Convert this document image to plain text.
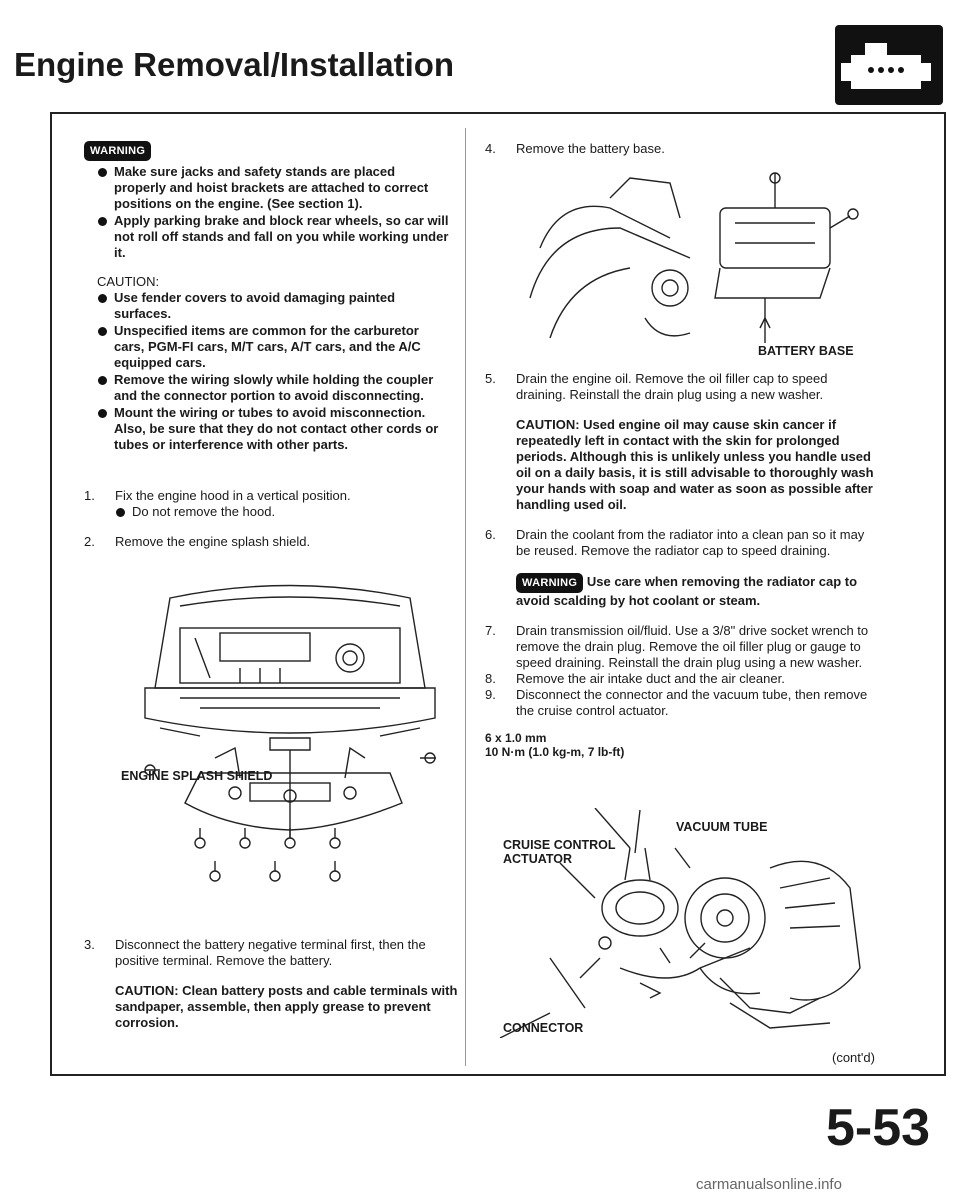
Engine Removal/Installation
WARNING
Make sure jacks and safety stands are placed properly and hoist brackets are attached to correct positions on the engine. (See section 1).
Apply parking brake and block rear wheels, so car will not roll off stands and fall on you while working under it.
CAUTION:
Use fender covers to avoid damaging painted surfaces.
Unspecified items are common for the carburetor cars, PGM-FI cars, M/T cars, A/T cars, and the A/C equipped cars.
Remove the wiring slowly while holding the coupler and the connector portion to avoid disconnecting.
Mount the wiring or tubes to avoid misconnection. Also, be sure that they do not contact other cords or tubes or interference with other parts.
1. Fix the engine hood in a vertical position.
Do not remove the hood.
2. Remove the engine splash shield.
ENGINE SPLASH SHIELD
3. Disconnect the battery negative terminal first, then the positive terminal. Remove the battery.
CAUTION: Clean battery posts and cable terminals with sandpaper, assemble, then apply grease to prevent corrosion.
4. Remove the battery base.
BATTERY BASE
5. Drain the engine oil. Remove the oil filler cap to speed draining. Reinstall the drain plug using a new washer.
CAUTION: Used engine oil may cause skin cancer if repeatedly left in contact with the skin for prolonged periods. Although this is unlikely unless you handle used oil on a daily basis, it is still advisable to thoroughly wash your hands with soap and water as soon as possible after handling used oil.
6. Drain the coolant from the radiator into a clean pan so it may be reused. Remove the radiator cap to speed draining.
WARNING Use care when removing the radiator cap to avoid scalding by hot coolant or steam.
7. Drain transmission oil/fluid. Use a 3/8" drive socket wrench to remove the drain plug. Remove the oil filler plug or gauge to speed draining. Reinstall the drain plug using a new washer.
8. Remove the air intake duct and the air cleaner.
9. Disconnect the connector and the vacuum tube, then remove the cruise control actuator.
6 x 1.0 mm
10 N·m (1.0 kg-m, 7 lb-ft)
VACUUM TUBE
CRUISE CONTROL
ACTUATOR
CONNECTOR
(cont'd)
5-53
carmanualsonline.info
